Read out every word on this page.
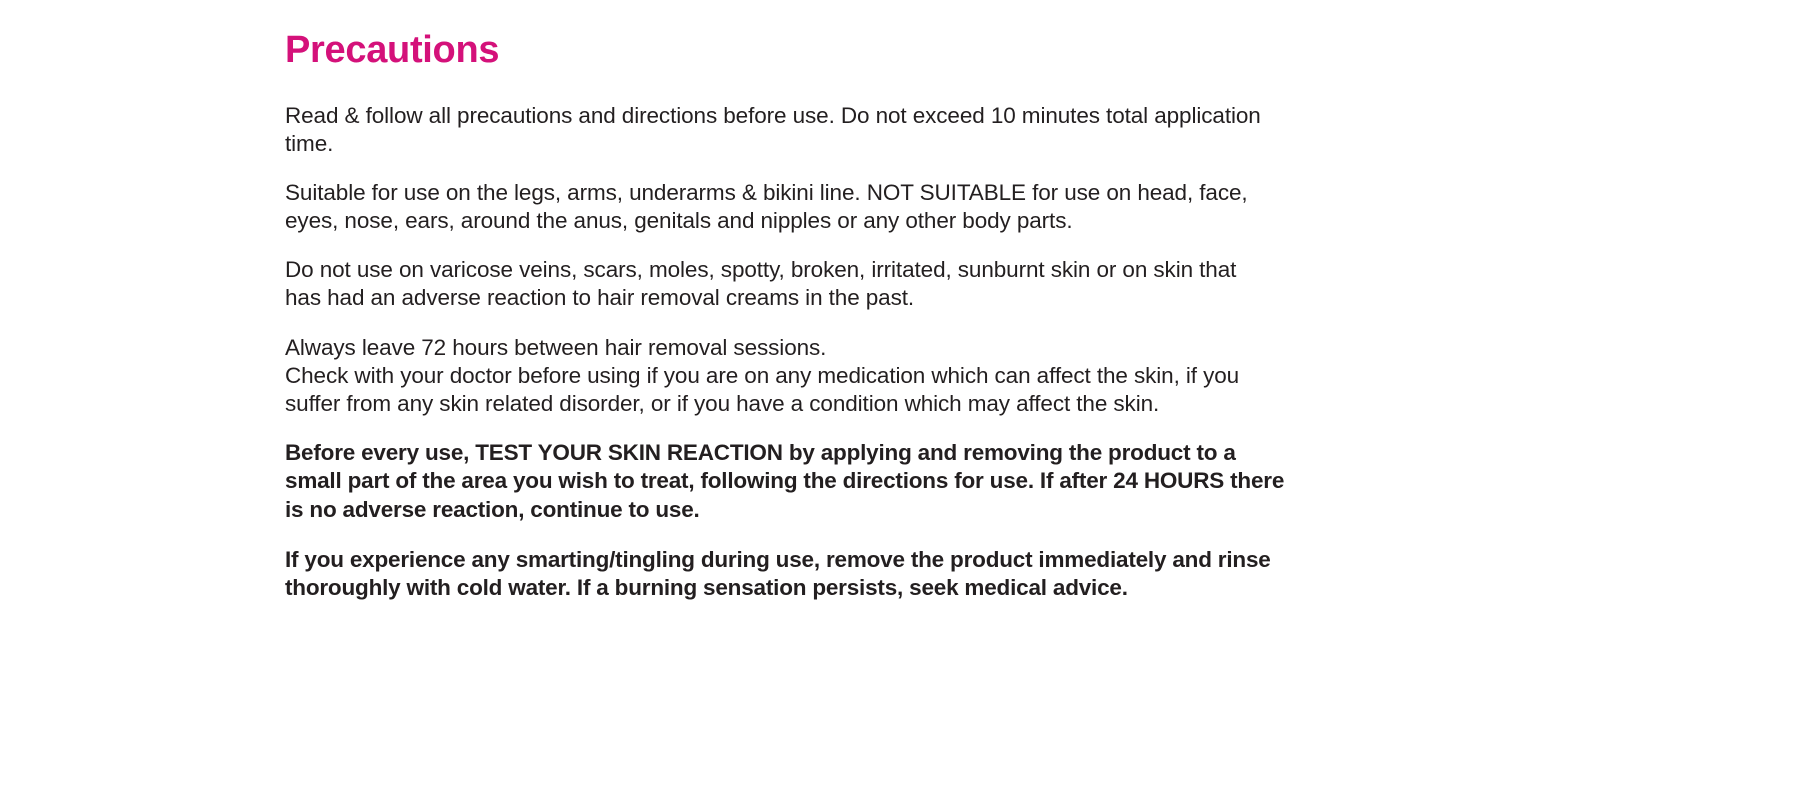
Precautions

Read & follow all precautions and directions before use. Do not exceed 10 minutes total application time.

Suitable for use on the legs, arms, underarms & bikini line. NOT SUITABLE for use on head, face, eyes, nose, ears, around the anus, genitals and nipples or any other body parts.

Do not use on varicose veins, scars, moles, spotty, broken, irritated, sunburnt skin or on skin that has had an adverse reaction to hair removal creams in the past.

Always leave 72 hours between hair removal sessions.

Check with your doctor before using if you are on any medication which can affect the skin, if you suffer from any skin related disorder, or if you have a condition which may affect the skin.

Before every use, TEST YOUR SKIN REACTION by applying and removing the product to a small part of the area you wish to treat, following the directions for use. If after 24 HOURS there is no adverse reaction, continue to use.

If you experience any smarting/tingling during use, remove the product immediately and rinse thoroughly with cold water. If a burning sensation persists, seek medical advice.
